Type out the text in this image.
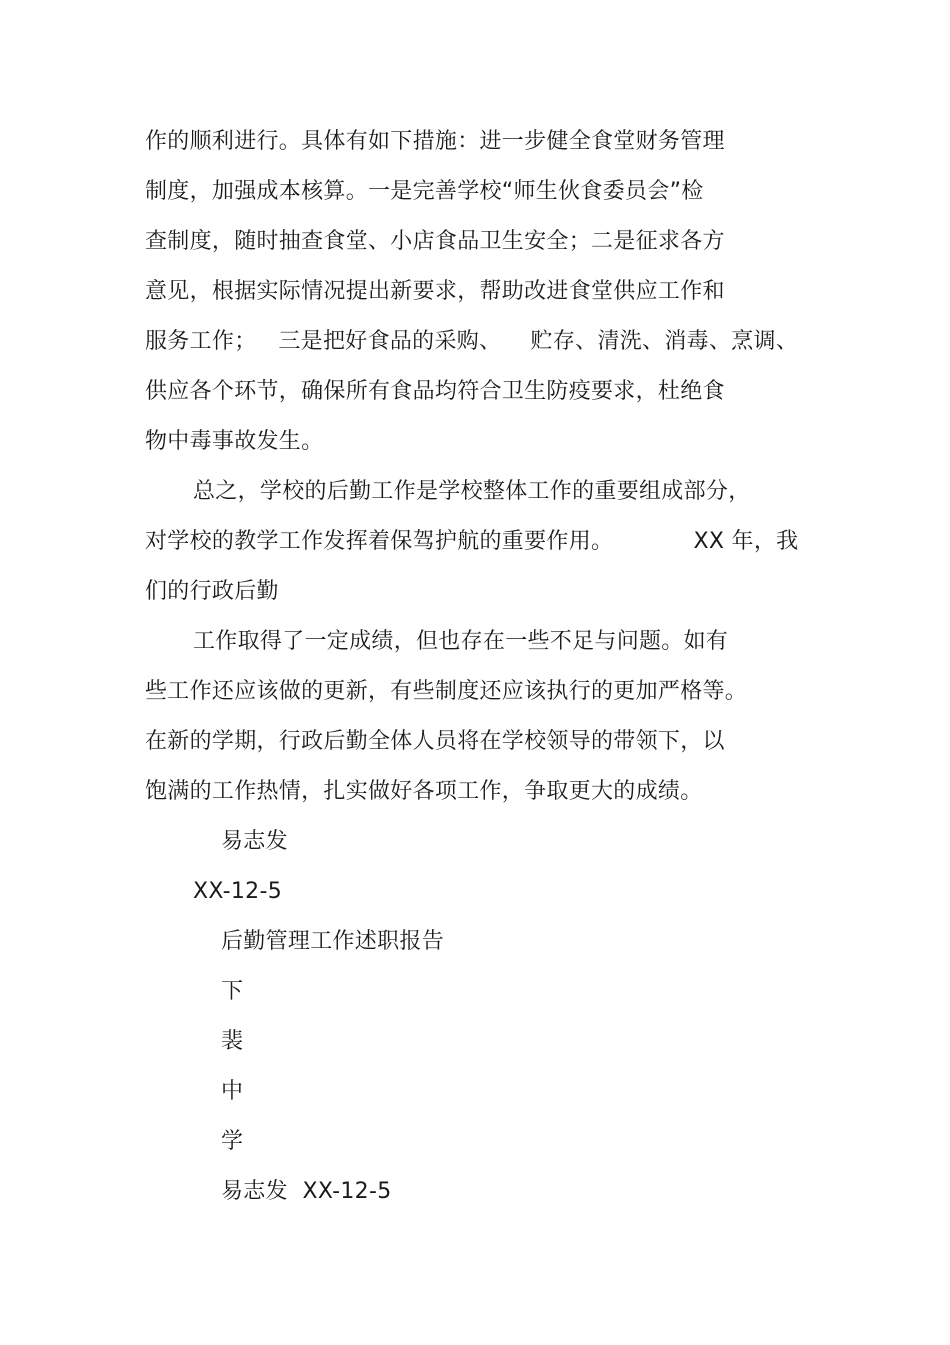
作的顺利进行。具体有如下措施：进一步健全食堂财务管理
制度，加强成本核算。一是完善学校“师生伙食委员会”检
查制度，随时抽查食堂、小店食品卫生安全；二是征求各方
意见，根据实际情况提出新要求，帮助改进食堂供应工作和
服务工作；   三是把好食品的采购、    贮存、清洗、消毒、烹调、
供应各个环节，确保所有食品均符合卫生防疫要求，杜绝食
物中毒事故发生。
总之，学校的后勤工作是学校整体工作的重要组成部分，
对学校的教学工作发挥着保驾护航的重要作用。           XX 年，我
们的行政后勤
工作取得了一定成绩，但也存在一些不足与问题。如有
些工作还应该做的更新，有些制度还应该执行的更加严格等。
在新的学期，行政后勤全体人员将在学校领导的带领下，以
饱满的工作热情，扎实做好各项工作，争取更大的成绩。
易志发
XX-12-5
后勤管理工作述职报告
下
裴
中
学
易志发  XX-12-5
